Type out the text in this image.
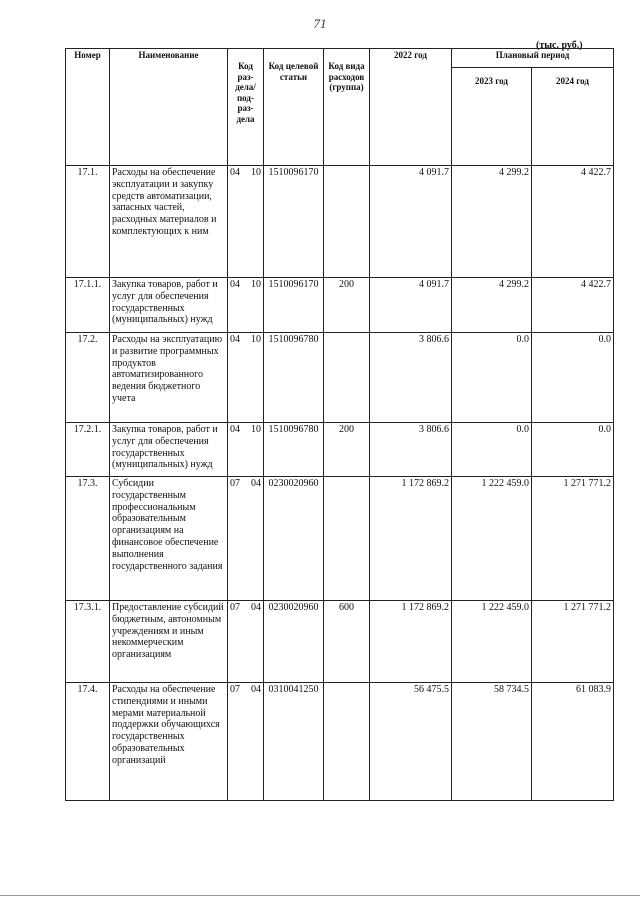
71
(тыс. руб.)
Номер	Наименование	Код раз- дела/ под- раз- дела	Код целевой статьи	Код вида расходов (группа)	2022 год	Плановый период	
						2023 год	2024 год
17.1.	Расходы на обеспечение эксплуатации и закупку средств автоматизации, запасных частей, расходных материалов и комплектующих к ним	04 10	1510096170		4 091.7	4 299.2	4 422.7
17.1.1.	Закупка товаров, работ и услуг для обеспечения государственных (муниципальных) нужд	04 10	1510096170	200	4 091.7	4 299.2	4 422.7
17.2.	Расходы на эксплуатацию и развитие программных продуктов автоматизированного ведения бюджетного учета	04 10	1510096780		3 806.6	0.0	0.0
17.2.1.	Закупка товаров, работ и услуг для обеспечения государственных (муниципальных) нужд	04 10	1510096780	200	3 806.6	0.0	0.0
17.3.	Субсидии государственным профессиональным образовательным организациям на финансовое обеспечение выполнения государственного задания	07 04	0230020960		1 172 869.2	1 222 459.0	1 271 771.2
17.3.1.	Предоставление субсидий бюджетным, автономным учреждениям и иным некоммерческим организациям	07 04	0230020960	600	1 172 869.2	1 222 459.0	1 271 771.2
17.4.	Расходы на обеспечение стипендиями и иными мерами материальной поддержки обучающихся государственных образовательных организаций	07 04	0310041250		56 475.5	58 734.5	61 083.9
